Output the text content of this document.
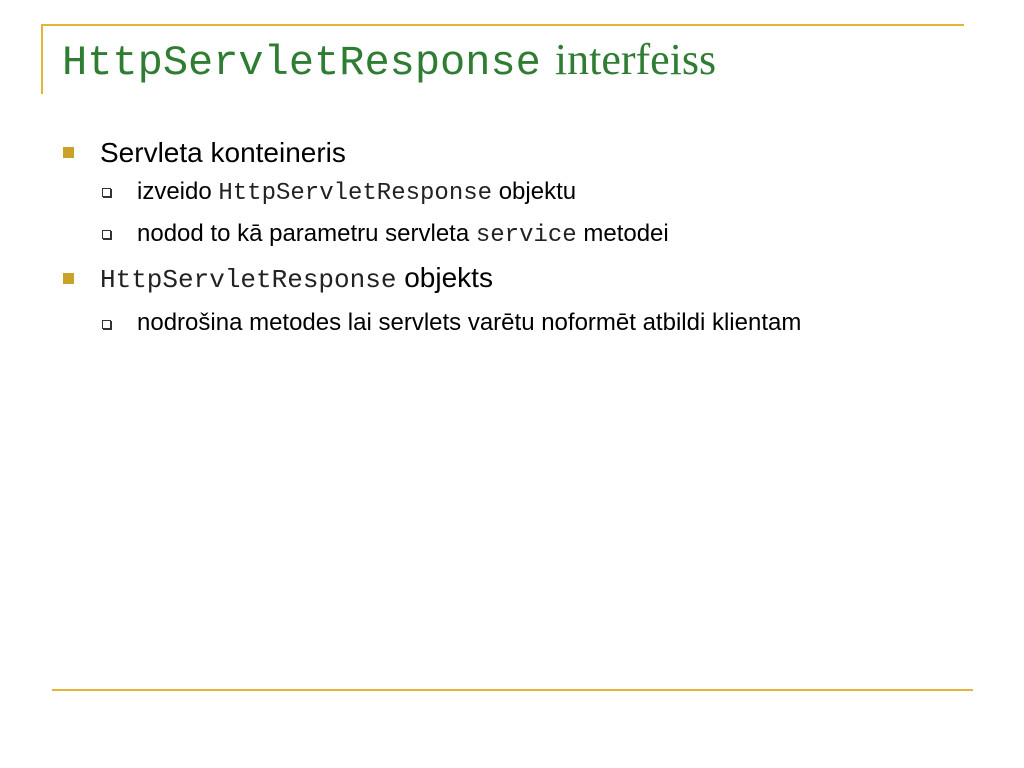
HttpServletResponse interfeiss
Servleta konteineris
izveido HttpServletResponse objektu
nodod to kā parametru servleta service metodei
HttpServletResponse objekts
nodrošina metodes lai servlets varētu noformēt atbildi klientam
